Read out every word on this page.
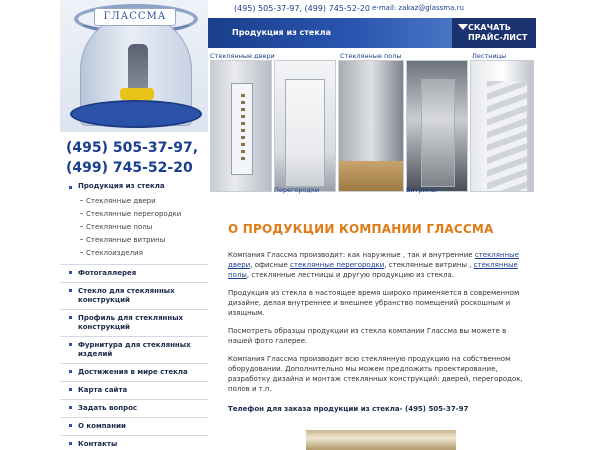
ГЛАССМА
(495) 505-37-97,
(499) 745-52-20
Продукция из стекла
Стеклянные двери
Стеклянные перегородки
Стеклянные полы
Стеклянные витрины
Стеклоизделия
Фотогаллерея
Стекло для стеклянных конструкций
Профиль для стеклянных конструкций
Фурнитура для стеклянных изделий
Достижения в мире стекла
Карта сайта
Задать вопрос
О компании
Контакты
(495) 505-37-97, (499) 745-52-20 e-mail: zakaz@glassma.ru
Продукция из стекла
СКАЧАТЬ ПРАЙС-ЛИСТ
Стеклянные двери	Стеклянные полы	Лестницы
Перегородки	Витрины
О ПРОДУКЦИИ КОМПАНИИ ГЛАССМА

Компания Глассма производит: как наружные , так и внутренние стеклянные двери, офисные стеклянные перегородки, стеклянные витрины , стеклянные полы, стеклянные лестницы и другую продукцию из стекла.

Продукция из стекла в настоящее время широко применяется в современном дизайне, делая внутреннее и внешнее убранство помещений роскошным и изящным.

Посмотреть образцы продукции из стекла компании Глассма вы можете в нашей фото галерее.

Компания Глассма производит всю стеклянную продукцию на собственном оборудовании. Дополнительно мы можем предложить проектирование, разработку дизайна и монтаж стеклянных конструкций: дверей, перегородок, полов и т.п.

Телефон для заказа продукции из стекла- (495) 505-37-97
